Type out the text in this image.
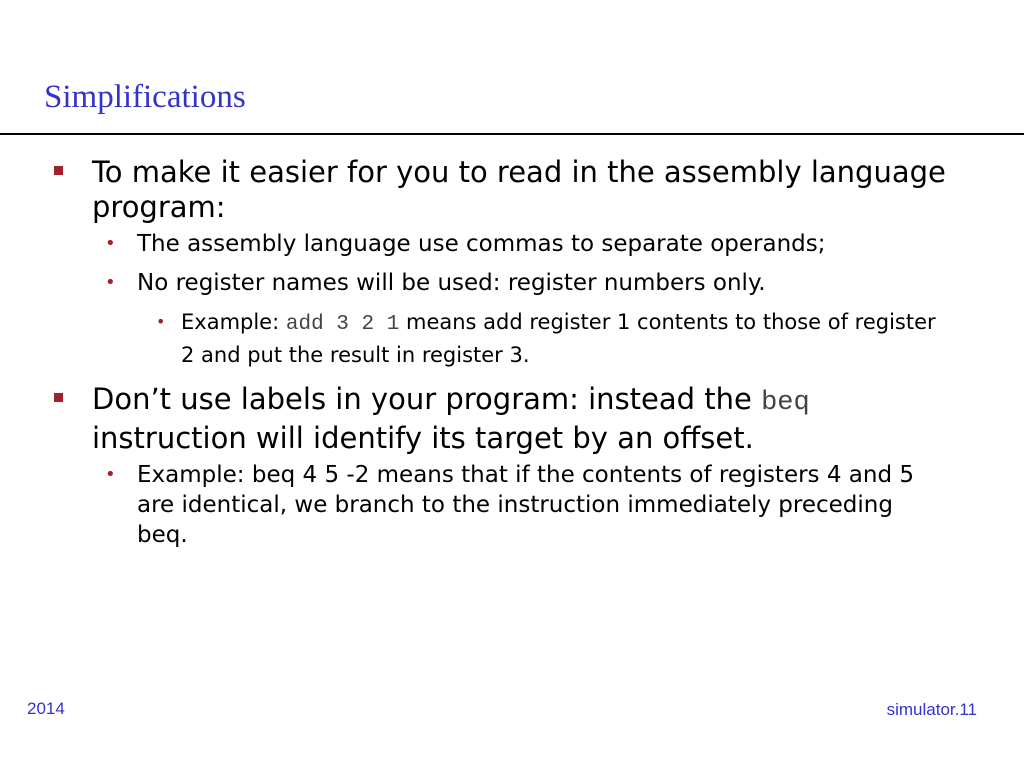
Simplifications
To make it easier for you to read in the assembly language program:
• The assembly language use commas to separate operands;
• No register names will be used: register numbers only.
• Example: add 3 2 1 means add register 1 contents to those of register 2 and put the result in register 3.
Don’t use labels in your program: instead the beq instruction will identify its target by an offset.
• Example: beq 4 5 -2 means that if the contents of registers 4 and 5 are identical, we branch to the instruction immediately preceding beq.
2014	simulator.11
